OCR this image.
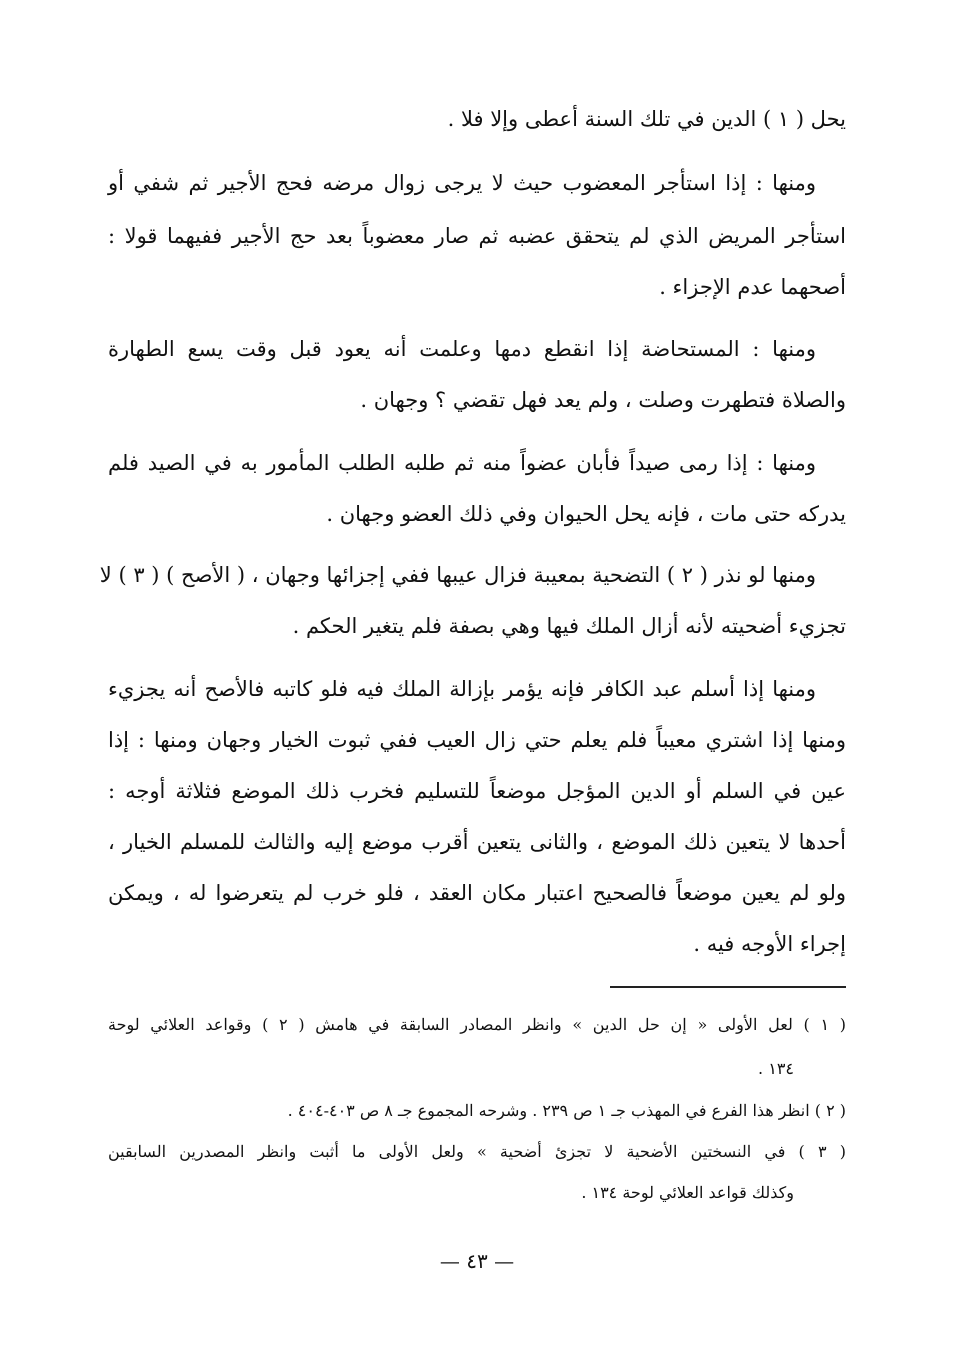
يحل ( ١ ) الدين في تلك السنة أعطى وإلا فلا .
ومنها : إذا استأجر المعضوب حيث لا يرجى زوال مرضه فحج الأجير ثم شفي أو
استأجر المريض الذي لم يتحقق عضبه ثم صار معضوباً بعد حج الأجير ففيهما قولا :
أصحهما عدم الإجزاء .
ومنها : المستحاضة إذا انقطع دمها وعلمت أنه يعود قبل وقت يسع الطهارة
والصلاة فتطهرت وصلت ، ولم يعد فهل تقضي ؟ وجهان .
ومنها : إذا رمى صيداً فأبان عضواً منه ثم طلبه الطلب المأمور به في الصيد فلم
يدركه حتى مات ، فإنه يحل الحيوان وفي ذلك العضو وجهان .
ومنها لو نذر ( ٢ ) التضحية بمعيبة فزال عيبها ففي إجزائها وجهان ، ( الأصح ) ( ٣ ) لا
تجزيء أضحيته لأنه أزال الملك فيها وهي بصفة فلم يتغير الحكم .
ومنها إذا أسلم عبد الكافر فإنه يؤمر بإزالة الملك فيه فلو كاتبه فالأصح أنه يجزيء
ومنها إذا اشتري معيباً فلم يعلم حتي زال العيب ففي ثبوت الخيار وجهان ومنها : إذا
عين في السلم أو الدين المؤجل موضعاً للتسليم فخرب ذلك الموضع فثلاثة أوجه :
أحدها لا يتعين ذلك الموضع ، والثانى يتعين أقرب موضع إليه والثالث للمسلم الخيار ،
ولو لم يعين موضعاً فالصحيح اعتبار مكان العقد ، فلو خرب لم يتعرضوا له ، ويمكن
إجراء الأوجه فيه .
( ١ ) لعل الأولى « إن حل الدين » وانظر المصادر السابقة في هامش ( ٢ ) وقواعد العلائي لوحة
١٣٤ .
( ٢ ) انظر هذا الفرع في المهذب جـ ١ ص ٢٣٩ . وشرحه المجموع جـ ٨ ص ٤٠٣-٤٠٤ .
( ٣ ) في النسختين الأضحية لا تجزئ أضحية » ولعل الأولى ما أثبت وانظر المصدرين السابقين
وكذلك قواعد العلائي لوحة ١٣٤ .
— ٤٣ —
